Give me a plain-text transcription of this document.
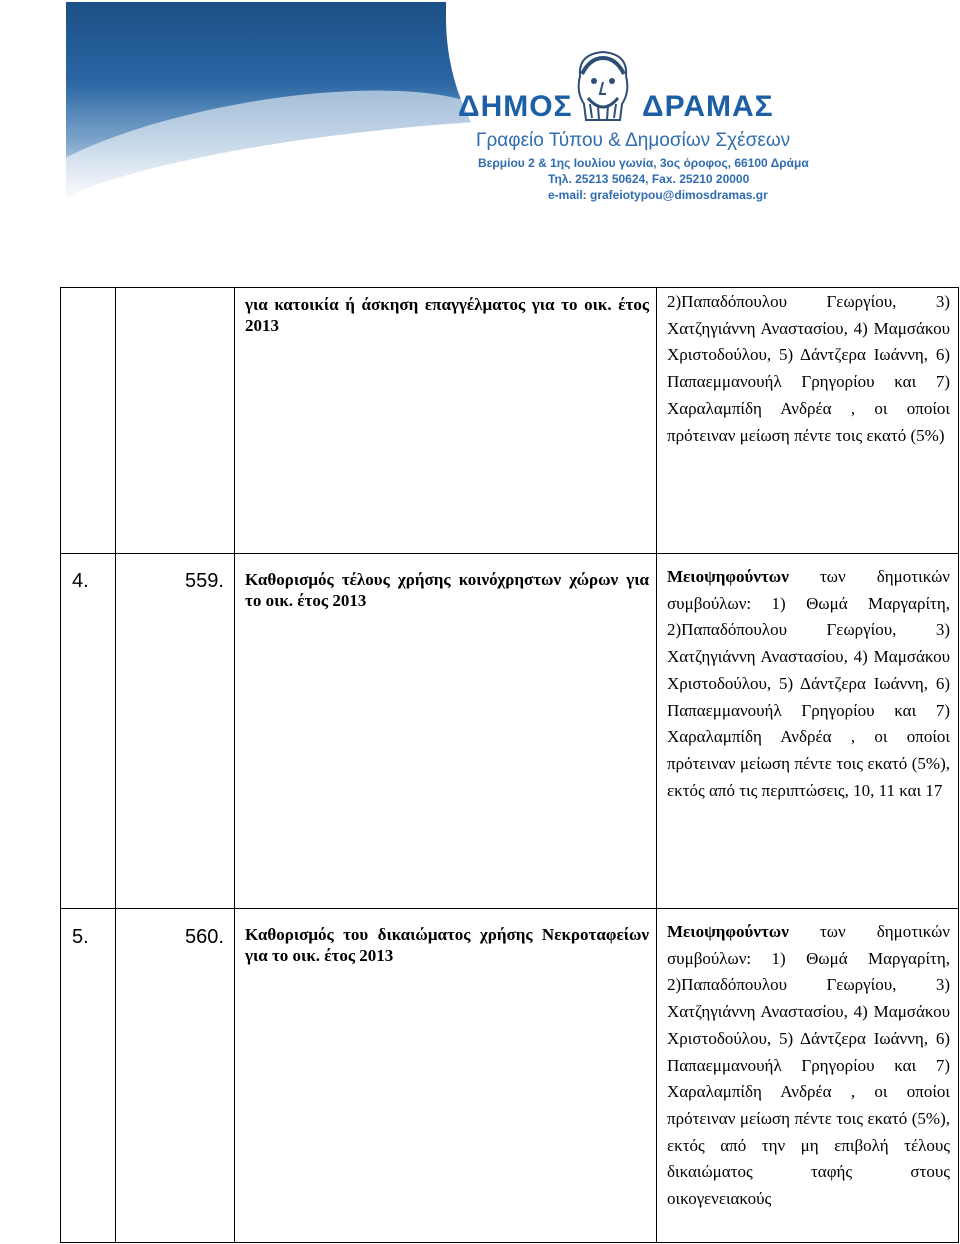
ΔΗΜΟΣ ΔΡΑΜΑΣ
Γραφείο Τύπου & Δημοσίων Σχέσεων
Βερμίου 2 & 1ης Ιουλίου γωνία, 3ος όροφος, 66100 Δράμα
Τηλ. 25213 50624, Fax. 25210 20000
e-mail: grafeiotypou@dimosdramas.gr
για κατοικία ή άσκηση επαγγέλματος για το οικ. έτος 2013
2)Παπαδόπουλου Γεωργίου, 3) Χατζηγιάννη Αναστασίου, 4) Μαμσάκου Χριστοδούλου, 5) Δάντζερα Ιωάννη, 6) Παπαεμμανουήλ Γρηγορίου και 7) Χαραλαμπίδη Ανδρέα , οι οποίοι πρότειναν μείωση πέντε τοις εκατό (5%)
4.	559. Καθορισμός τέλους χρήσης κοινόχρηστων χώρων για το οικ. έτος 2013
Μειοψηφούντων των δημοτικών συμβούλων: 1) Θωμά Μαργαρίτη, 2)Παπαδόπουλου Γεωργίου, 3) Χατζηγιάννη Αναστασίου, 4) Μαμσάκου Χριστοδούλου, 5) Δάντζερα Ιωάννη, 6) Παπαεμμανουήλ Γρηγορίου και 7) Χαραλαμπίδη Ανδρέα , οι οποίοι πρότειναν μείωση πέντε τοις εκατό (5%), εκτός από τις περιπτώσεις, 10, 11 και 17
5.	560. Καθορισμός του δικαιώματος χρήσης Νεκροταφείων για το οικ. έτος 2013
Μειοψηφούντων των δημοτικών συμβούλων: 1) Θωμά Μαργαρίτη, 2)Παπαδόπουλου Γεωργίου, 3) Χατζηγιάννη Αναστασίου, 4) Μαμσάκου Χριστοδούλου, 5) Δάντζερα Ιωάννη, 6) Παπαεμμανουήλ Γρηγορίου και 7) Χαραλαμπίδη Ανδρέα , οι οποίοι πρότειναν μείωση πέντε τοις εκατό (5%), εκτός από την μη επιβολή τέλους δικαιώματος ταφής στους οικογενειακούς
